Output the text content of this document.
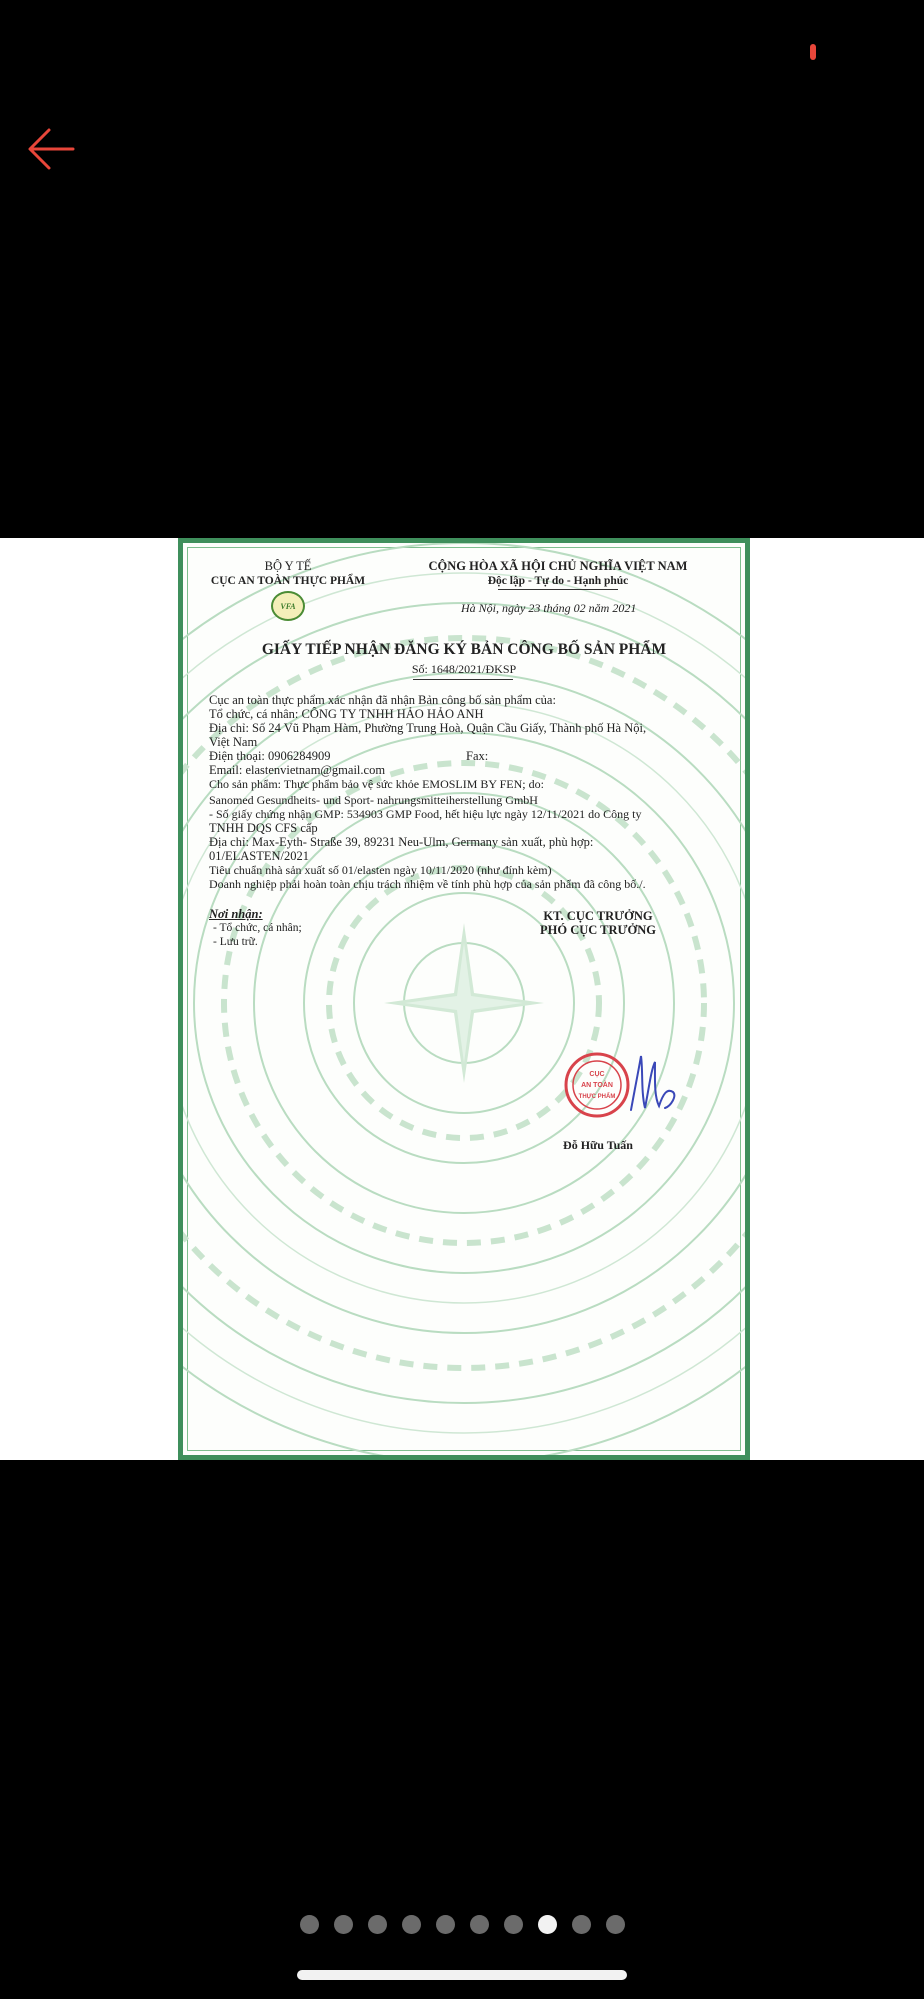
VFA
BỘ Y TẾ
CỤC AN TOÀN THỰC PHẨM
CỘNG HÒA XÃ HỘI CHỦ NGHĨA VIỆT NAM
Độc lập - Tự do - Hạnh phúc
Hà Nội, ngày 23 tháng 02 năm 2021
GIẤY TIẾP NHẬN ĐĂNG KÝ BẢN CÔNG BỐ SẢN PHẨM
Số: 1648/2021/ĐKSP
Cục an toàn thực phẩm xác nhận đã nhận Bản công bố sản phẩm của:
Tổ chức, cá nhân: CÔNG TY TNHH HẢO HẢO ANH
Địa chỉ: Số 24 Vũ Phạm Hàm, Phường Trung Hoà, Quận Cầu Giấy, Thành phố Hà Nội,
Việt Nam
Điện thoại: 0906284909	Fax:
Email: elastenvietnam@gmail.com
Cho sản phẩm: Thực phẩm bảo vệ sức khỏe EMOSLIM BY FEN; do:
Sanomed Gesundheits- und Sport- nahrungsmitteiherstellung GmbH
- Số giấy chứng nhận GMP: 534903 GMP Food, hết hiệu lực ngày 12/11/2021 do Công ty
TNHH DQS CFS cấp
Địa chỉ: Max-Eyth- Straße 39, 89231 Neu-Ulm, Germany sản xuất, phù hợp:
01/ELASTEN/2021
Tiêu chuẩn nhà sản xuất số 01/elasten ngày 10/11/2020 (như đính kèm)
Doanh nghiệp phải hoàn toàn chịu trách nhiệm về tính phù hợp của sản phẩm đã công bố./.
Nơi nhận:
- Tổ chức, cá nhân;
- Lưu trữ.
KT. CỤC TRƯỞNG
PHÓ CỤC TRƯỞNG
CỤC
AN TOÀN
THỰC PHẨM
Đỗ Hữu Tuấn
